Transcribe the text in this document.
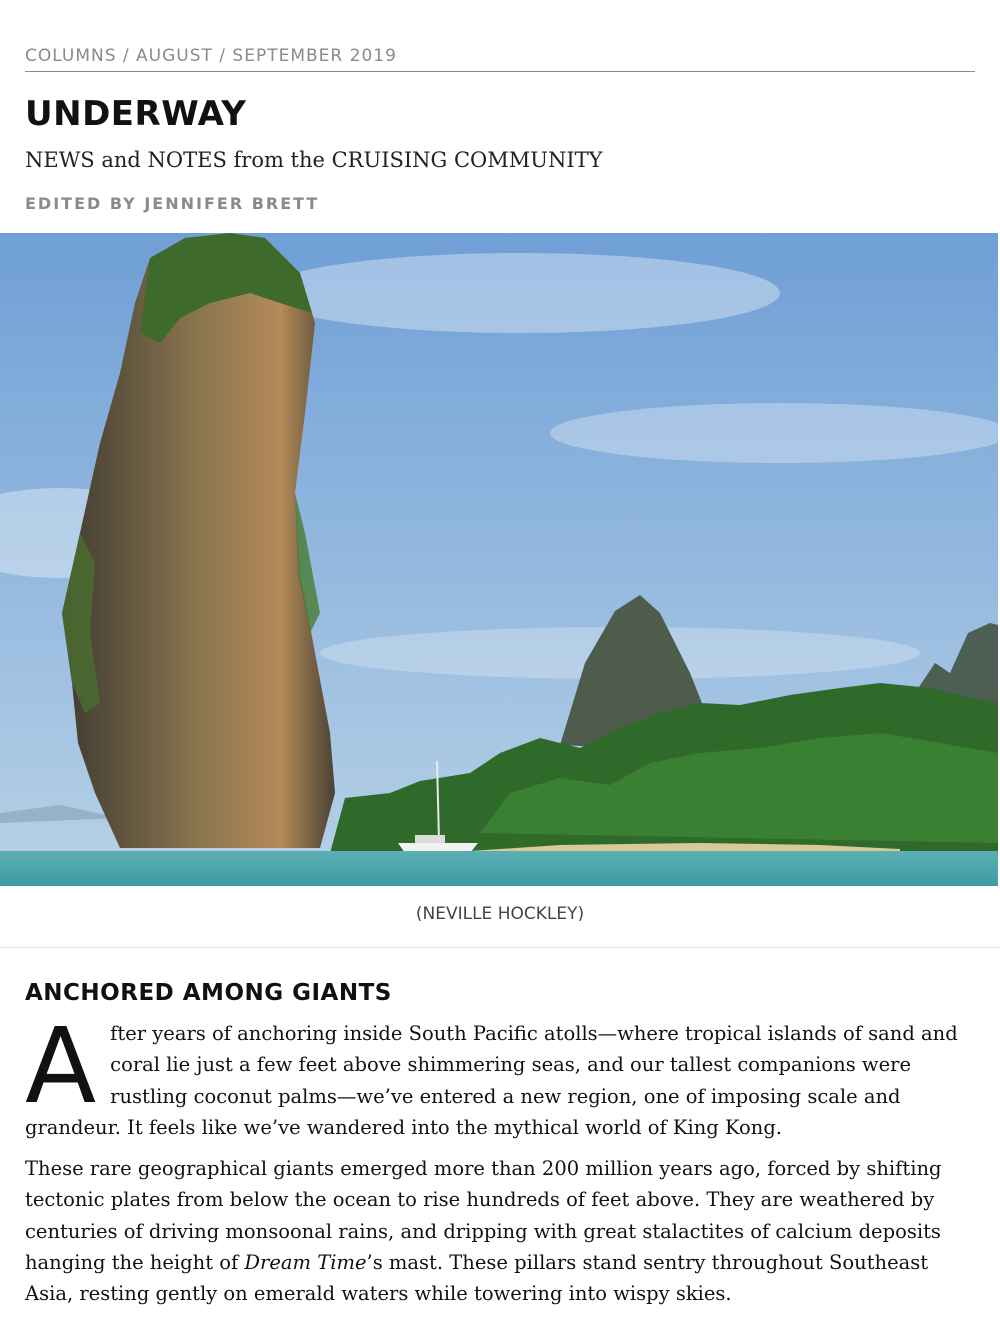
COLUMNS / AUGUST / SEPTEMBER 2019
UNDERWAY
NEWS and NOTES from the CRUISING COMMUNITY
EDITED BY JENNIFER BRETT
(NEVILLE HOCKLEY)
ANCHORED AMONG GIANTS

After years of anchoring inside South Pacific atolls—where tropical islands of sand and coral lie just a few feet above shimmering seas, and our tallest companions were rustling coconut palms—we’ve entered a new region, one of imposing scale and grandeur. It feels like we’ve wandered into the mythical world of King Kong.

These rare geographical giants emerged more than 200 million years ago, forced by shifting tectonic plates from below the ocean to rise hundreds of feet above. They are weathered by centuries of driving monsoonal rains, and dripping with great stalactites of calcium deposits hanging the height of Dream Time’s mast. These pillars stand sentry throughout Southeast Asia, resting gently on emerald waters while towering into wispy skies.
